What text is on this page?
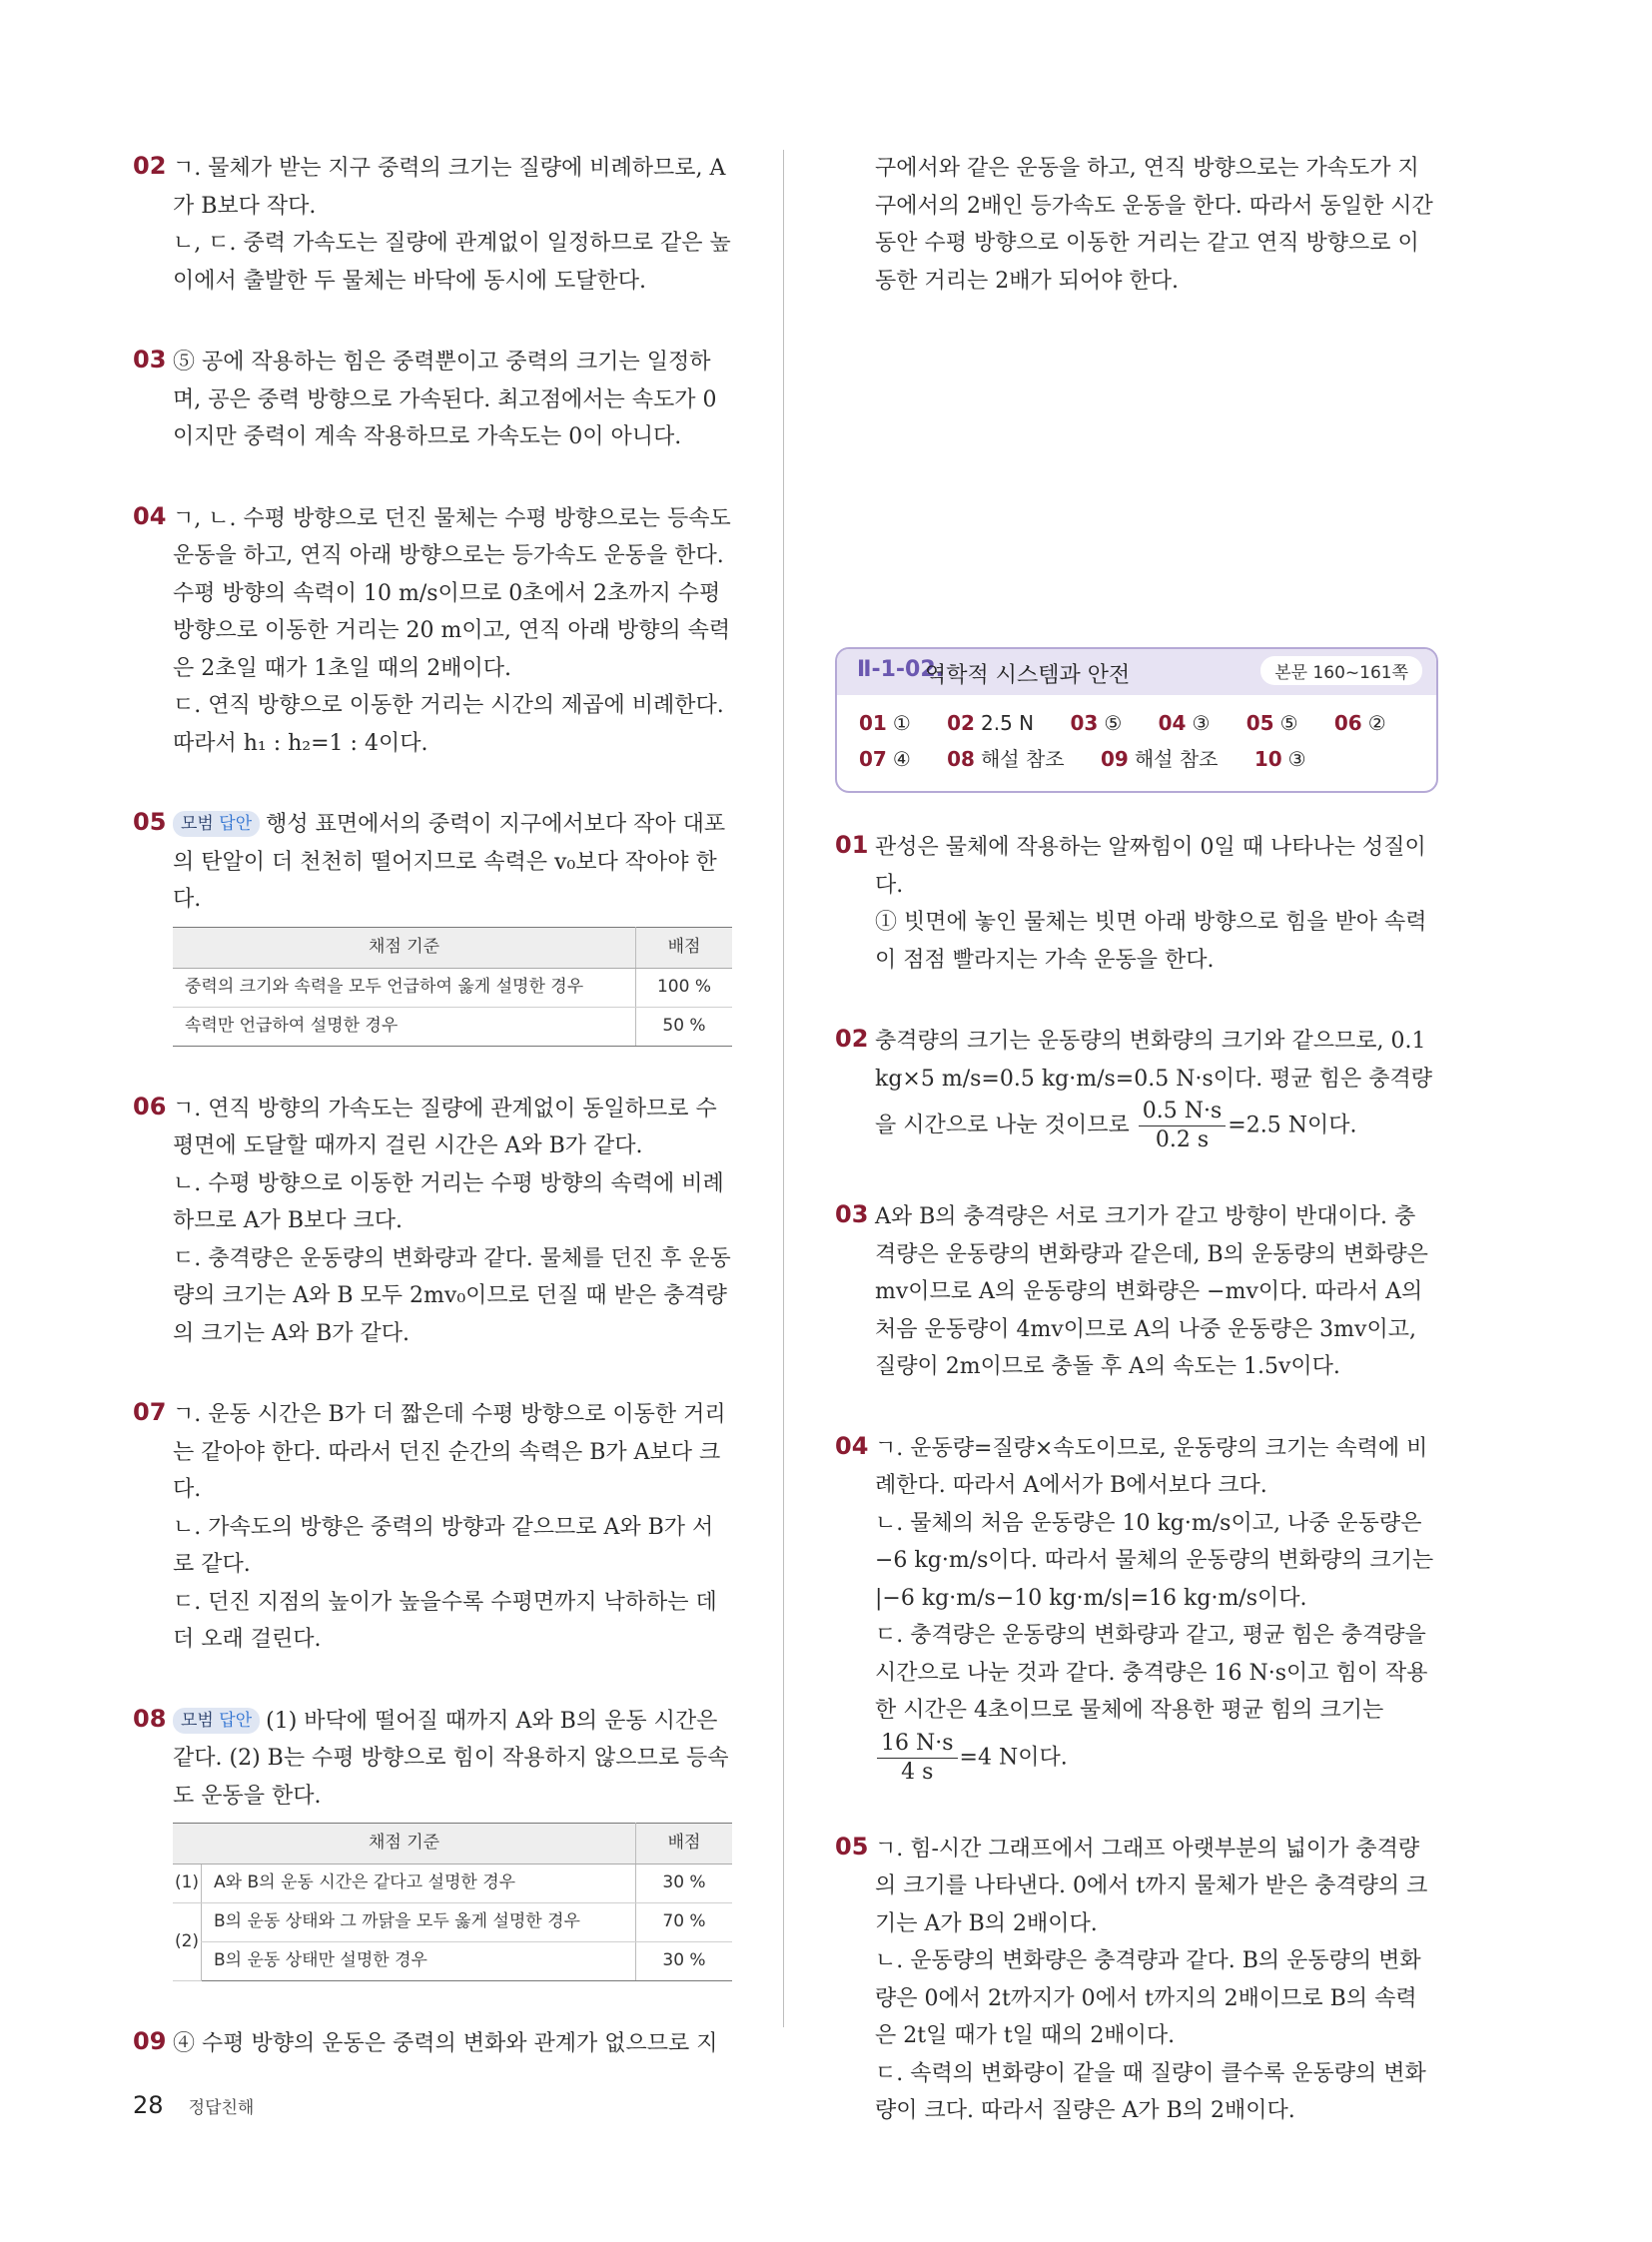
02 ㄱ. 물체가 받는 지구 중력의 크기는 질량에 비례하므로, A가 B보다 작다.

ㄴ, ㄷ. 중력 가속도는 질량에 관계없이 일정하므로 같은 높이에서 출발한 두 물체는 바닥에 동시에 도달한다.

03 ⑤ 공에 작용하는 힘은 중력뿐이고 중력의 크기는 일정하며, 공은 중력 방향으로 가속된다. 최고점에서는 속도가 0이지만 중력이 계속 작용하므로 가속도는 0이 아니다.

04 ㄱ, ㄴ. 수평 방향으로 던진 물체는 수평 방향으로는 등속도 운동을 하고, 연직 아래 방향으로는 등가속도 운동을 한다. 수평 방향의 속력이 10 m/s이므로 0초에서 2초까지 수평 방향으로 이동한 거리는 20 m이고, 연직 아래 방향의 속력은 2초일 때가 1초일 때의 2배이다.

ㄷ. 연직 방향으로 이동한 거리는 시간의 제곱에 비례한다. 따라서 h₁ : h₂=1 : 4이다.

05 모범 답안 행성 표면에서의 중력이 지구에서보다 작아 대포의 탄알이 더 천천히 떨어지므로 속력은 v₀보다 작아야 한다.

채점 기준	배점
중력의 크기와 속력을 모두 언급하여 옳게 설명한 경우	100 %
속력만 언급하여 설명한 경우	50 %
06 ㄱ. 연직 방향의 가속도는 질량에 관계없이 동일하므로 수평면에 도달할 때까지 걸린 시간은 A와 B가 같다.

ㄴ. 수평 방향으로 이동한 거리는 수평 방향의 속력에 비례하므로 A가 B보다 크다.

ㄷ. 충격량은 운동량의 변화량과 같다. 물체를 던진 후 운동량의 크기는 A와 B 모두 2mv₀이므로 던질 때 받은 충격량의 크기는 A와 B가 같다.

07 ㄱ. 운동 시간은 B가 더 짧은데 수평 방향으로 이동한 거리는 같아야 한다. 따라서 던진 순간의 속력은 B가 A보다 크다.

ㄴ. 가속도의 방향은 중력의 방향과 같으므로 A와 B가 서로 같다.

ㄷ. 던진 지점의 높이가 높을수록 수평면까지 낙하하는 데 더 오래 걸린다.

08 모범 답안 (1) 바닥에 떨어질 때까지 A와 B의 운동 시간은 같다. (2) B는 수평 방향으로 힘이 작용하지 않으므로 등속도 운동을 한다.

채점 기준		배점
(1)	A와 B의 운동 시간은 같다고 설명한 경우	30 %
(2)	B의 운동 상태와 그 까닭을 모두 옳게 설명한 경우	70 %
	B의 운동 상태만 설명한 경우	30 %
09 ④ 수평 방향의 운동은 중력의 변화와 관계가 없으므로 지

구에서와 같은 운동을 하고, 연직 방향으로는 가속도가 지구에서의 2배인 등가속도 운동을 한다. 따라서 동일한 시간 동안 수평 방향으로 이동한 거리는 같고 연직 방향으로 이동한 거리는 2배가 되어야 한다.

Ⅱ-1-02.
역학적 시스템과 안전	본문 160~161쪽
01 ① 02 2.5 N 03 ⑤ 04 ③ 05 ⑤ 06 ②
07 ④ 08 해설 참조 09 해설 참조 10 ③
01 관성은 물체에 작용하는 알짜힘이 0일 때 나타나는 성질이다.

① 빗면에 놓인 물체는 빗면 아래 방향으로 힘을 받아 속력이 점점 빨라지는 가속 운동을 한다.

02 충격량의 크기는 운동량의 변화량의 크기와 같으므로, 0.1 kg×5 m/s=0.5 kg·m/s=0.5 N·s이다. 평균 힘은 충격량을 시간으로 나눈 것이므로 $\frac{0.5 N\cdot s}{0.2 s} =2.5$ N이다.

03 A와 B의 충격량은 서로 크기가 같고 방향이 반대이다. 충격량은 운동량의 변화량과 같은데, B의 운동량의 변화량은 mv이므로 A의 운동량의 변화량은 −mv이다. 따라서 A의 처음 운동량이 4mv이므로 A의 나중 운동량은 3mv이고, 질량이 2m이므로 충돌 후 A의 속도는 1.5v이다.

04 ㄱ. 운동량=질량×속도이므로, 운동량의 크기는 속력에 비례한다. 따라서 A에서가 B에서보다 크다.

ㄴ. 물체의 처음 운동량은 10 kg·m/s이고, 나중 운동량은 −6 kg·m/s이다. 따라서 물체의 운동량의 변화량의 크기는 |−6 kg·m/s−10 kg·m/s|=16 kg·m/s이다.

ㄷ. 충격량은 운동량의 변화량과 같고, 평균 힘은 충격량을 시간으로 나눈 것과 같다. 충격량은 16 N·s이고 힘이 작용한 시간은 4초이므로 물체에 작용한 평균 힘의 크기는

$\frac{16 N\cdot s}{4 s} =4$ N이다.

05 ㄱ. 힘-시간 그래프에서 그래프 아랫부분의 넓이가 충격량의 크기를 나타낸다. 0에서 t까지 물체가 받은 충격량의 크기는 A가 B의 2배이다.

ㄴ. 운동량의 변화량은 충격량과 같다. B의 운동량의 변화량은 0에서 2t까지가 0에서 t까지의 2배이므로 B의 속력은 2t일 때가 t일 때의 2배이다.

ㄷ. 속력의 변화량이 같을 때 질량이 클수록 운동량의 변화량이 크다. 따라서 질량은 A가 B의 2배이다.

28 정답친해
